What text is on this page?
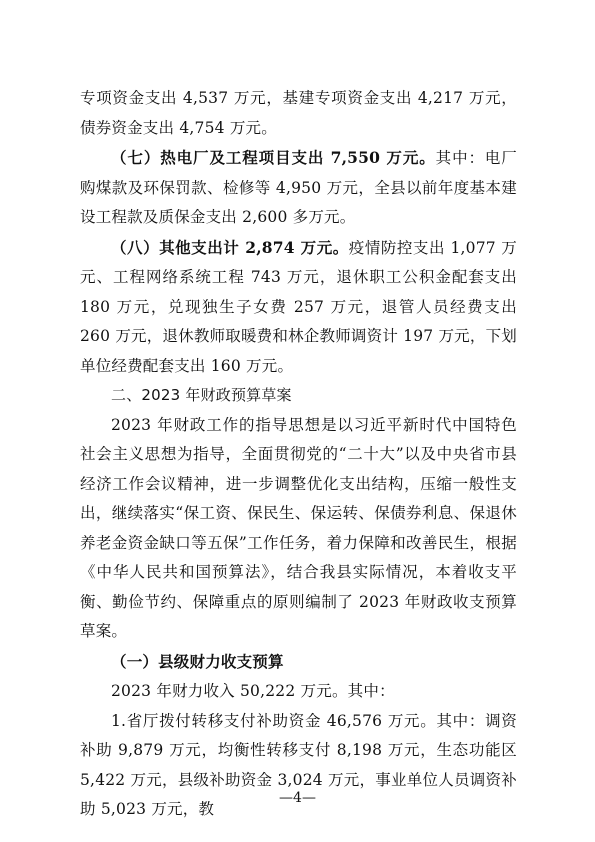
专项资金支出 4,537 万元，基建专项资金支出 4,217 万元，债券资金支出 4,754 万元。

（七）热电厂及工程项目支出 7,550 万元。其中：电厂购煤款及环保罚款、检修等 4,950 万元，全县以前年度基本建设工程款及质保金支出 2,600 多万元。

（八）其他支出计 2,874 万元。疫情防控支出 1,077 万元、工程网络系统工程 743 万元，退休职工公积金配套支出 180 万元，兑现独生子女费 257 万元，退管人员经费支出 260 万元，退休教师取暖费和林企教师调资计 197 万元，下划单位经费配套支出 160 万元。

二、2023 年财政预算草案

2023 年财政工作的指导思想是以习近平新时代中国特色社会主义思想为指导，全面贯彻党的“二十大”以及中央省市县经济工作会议精神，进一步调整优化支出结构，压缩一般性支出，继续落实“保工资、保民生、保运转、保债券利息、保退休养老金资金缺口等五保”工作任务，着力保障和改善民生，根据《中华人民共和国预算法》，结合我县实际情况，本着收支平衡、勤俭节约、保障重点的原则编制了 2023 年财政收支预算草案。

（一）县级财力收支预算

2023 年财力收入 50,222 万元。其中：

1.省厅拨付转移支付补助资金 46,576 万元。其中：调资补助 9,879 万元，均衡性转移支付 8,198 万元，生态功能区 5,422 万元，县级补助资金 3,024 万元，事业单位人员调资补助 5,023 万元，教

—4—
